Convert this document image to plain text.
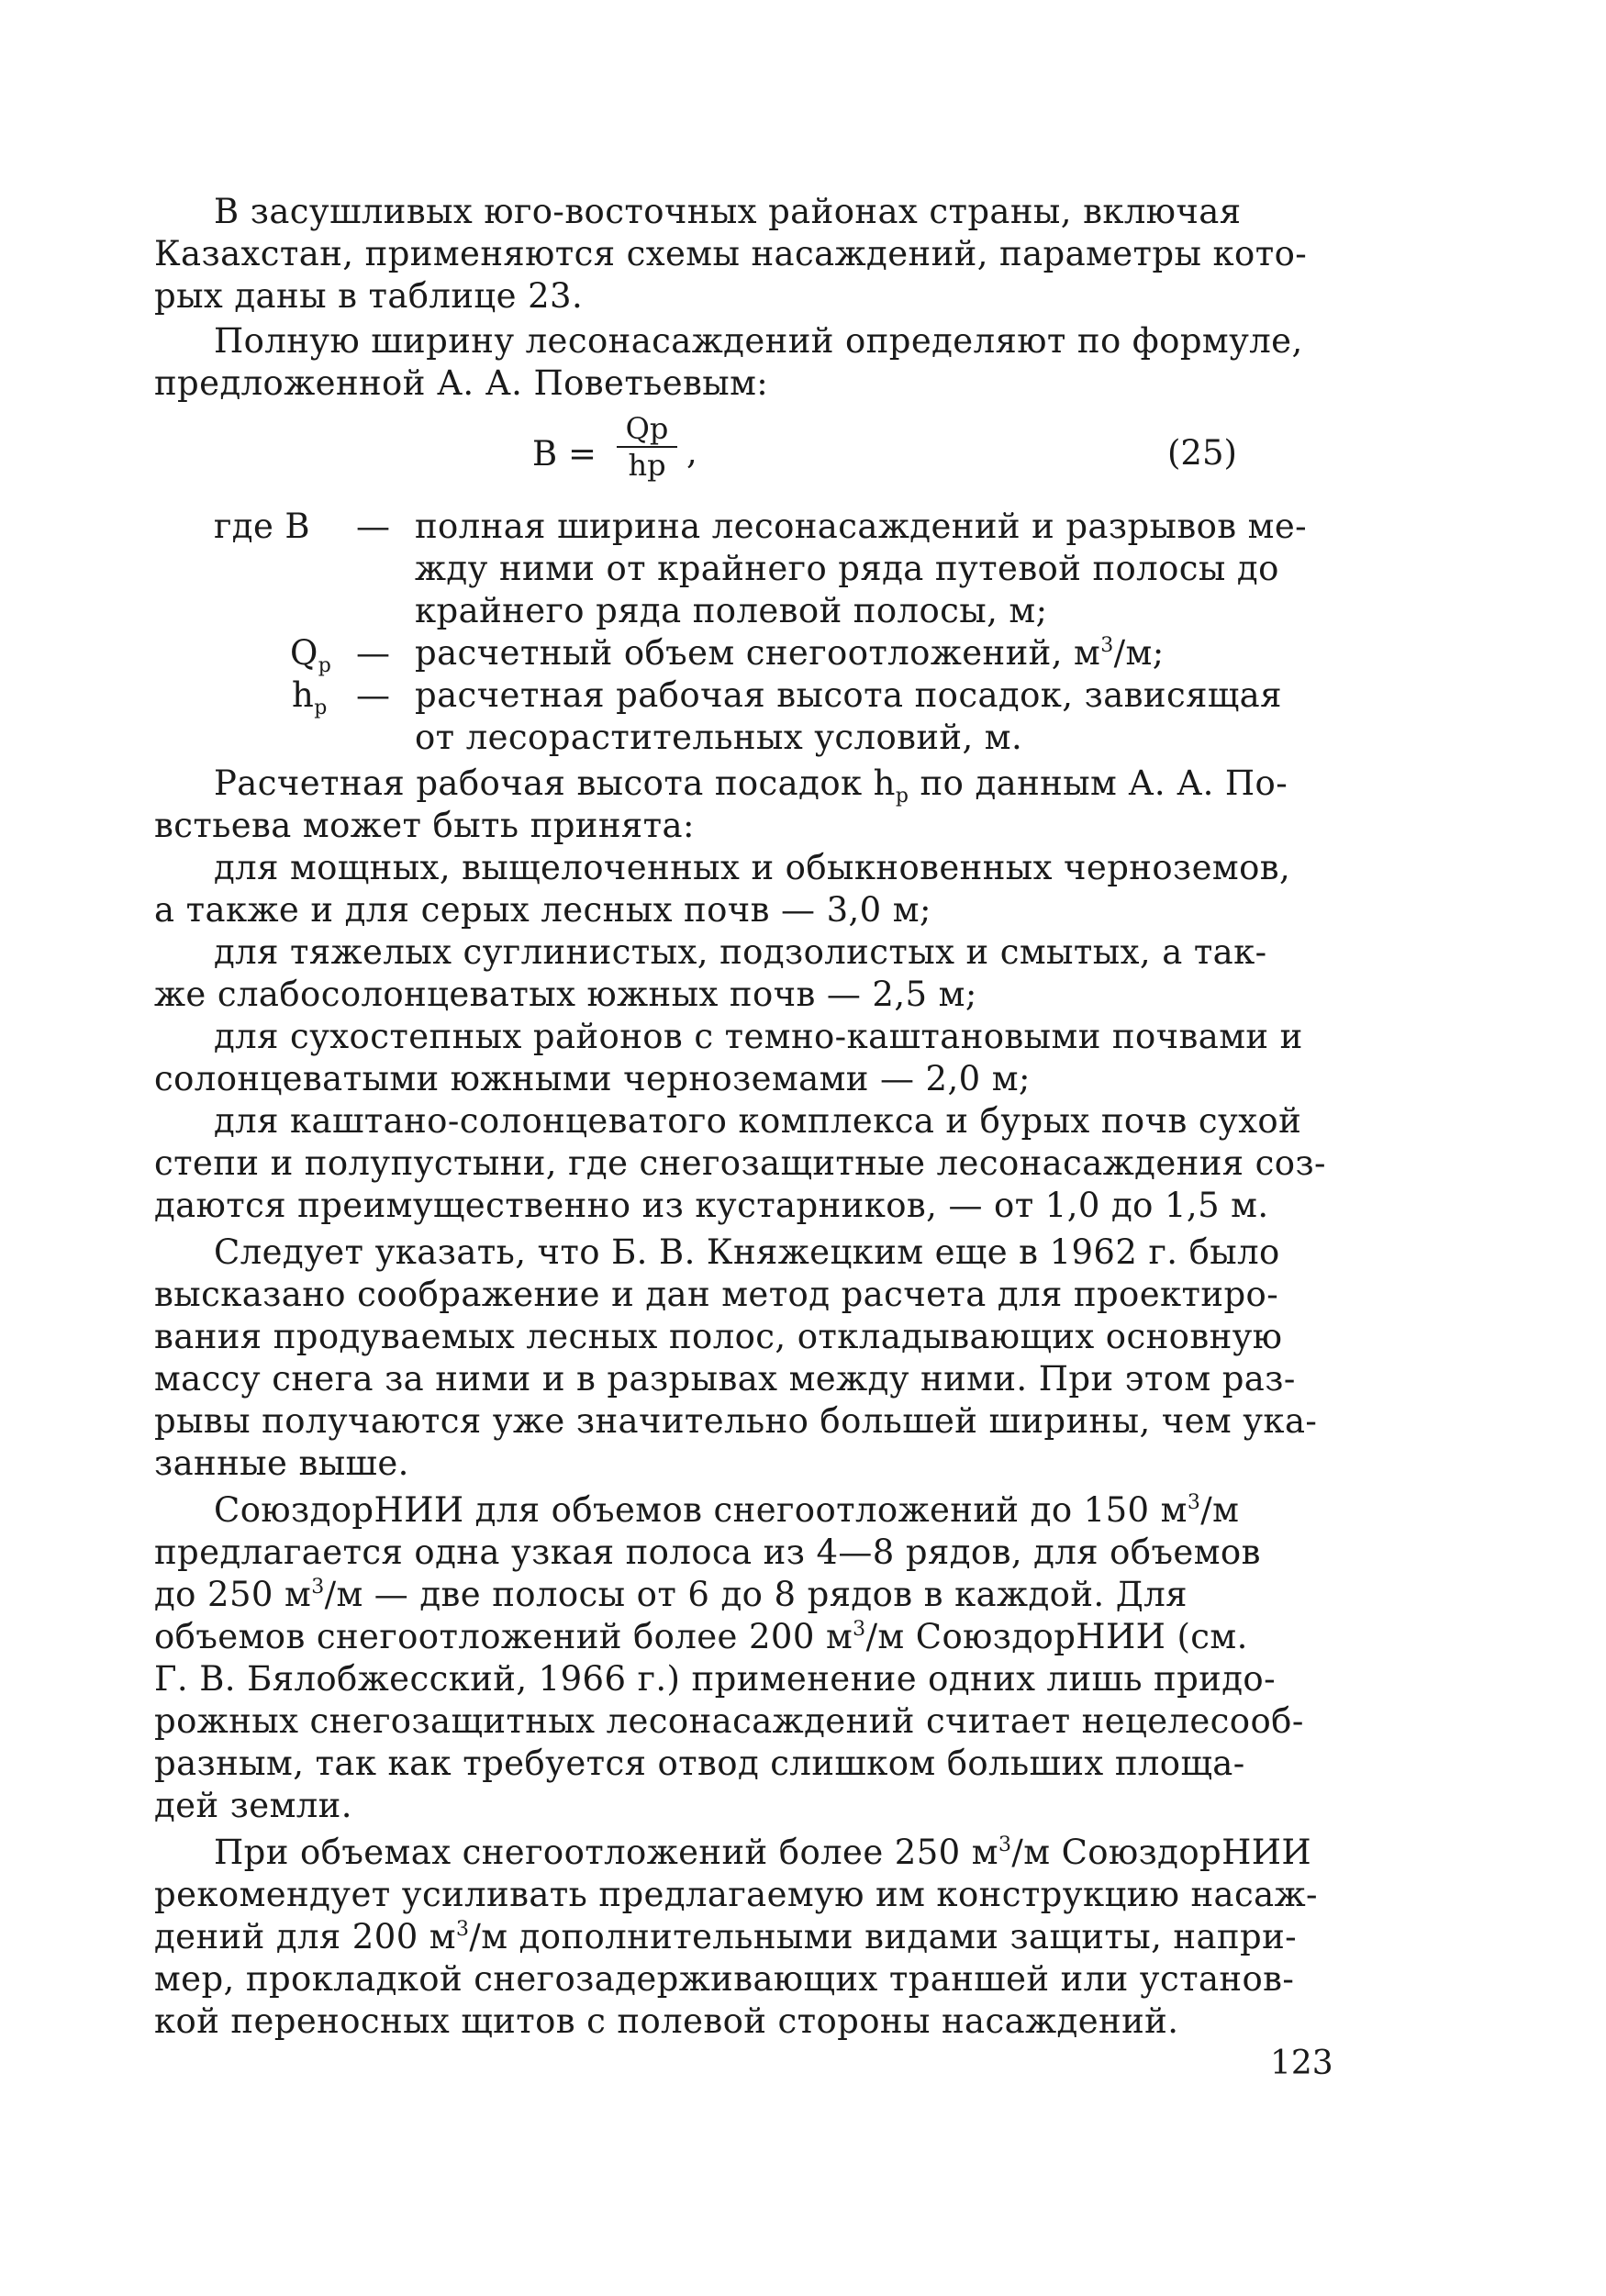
В засушливых юго-восточных районах страны, включая
Казахстан, применяются схемы насаждений, параметры кото-
рых даны в таблице 23.
Полную ширину лесонасаждений определяют по формуле,
предложенной А. А. Поветьевым:
В =
Qр
hр ,	(25)
где В — полная ширина лесонасаждений и разрывов ме-
жду ними от крайнего ряда путевой полосы до
крайнего ряда полевой полосы, м;
$Q_р$ — расчетный объем снегоотложений, $м^3/м$;
$h_р$ — расчетная рабочая высота посадок, зависящая
от лесорастительных условий, м.
Расчетная рабочая высота посадок $h_р$ по данным А. А. По-
встьева может быть принята:
для мощных, выщелоченных и обыкновенных черноземов,
а также и для серых лесных почв — 3,0 м;
для тяжелых суглинистых, подзолистых и смытых, а так-
же слабосолонцеватых южных почв — 2,5 м;
для сухостепных районов с темно-каштановыми почвами и
солонцеватыми южными черноземами — 2,0 м;
для каштано-солонцеватого комплекса и бурых почв сухой
степи и полупустыни, где снегозащитные лесонасаждения соз-
даются преимущественно из кустарников, — от 1,0 до 1,5 м.
Следует указать, что Б. В. Княжецким еще в 1962 г. было
высказано соображение и дан метод расчета для проектиро-
вания продуваемых лесных полос, откладывающих основную
массу снега за ними и в разрывах между ними. При этом раз-
рывы получаются уже значительно большей ширины, чем ука-
занные выше.
СоюздорНИИ для объемов снегоотложений до 150 $м^3/м$
предлагается одна узкая полоса из 4—8 рядов, для объемов
до 250 $м^3/м$ — две полосы от 6 до 8 рядов в каждой. Для
объемов снегоотложений более 200 $м^3/м$ СоюздорНИИ (см.
Г. В. Бялобжесский, 1966 г.) применение одних лишь придо-
рожных снегозащитных лесонасаждений считает нецелесооб-
разным, так как требуется отвод слишком больших площа-
дей земли.
При объемах снегоотложений более 250 $м^3/м$ СоюздорНИИ
рекомендует усиливать предлагаемую им конструкцию насаж-
дений для 200 $м^3/м$ дополнительными видами защиты, напри-
мер, прокладкой снегозадерживающих траншей или установ-
кой переносных щитов с полевой стороны насаждений.
123
